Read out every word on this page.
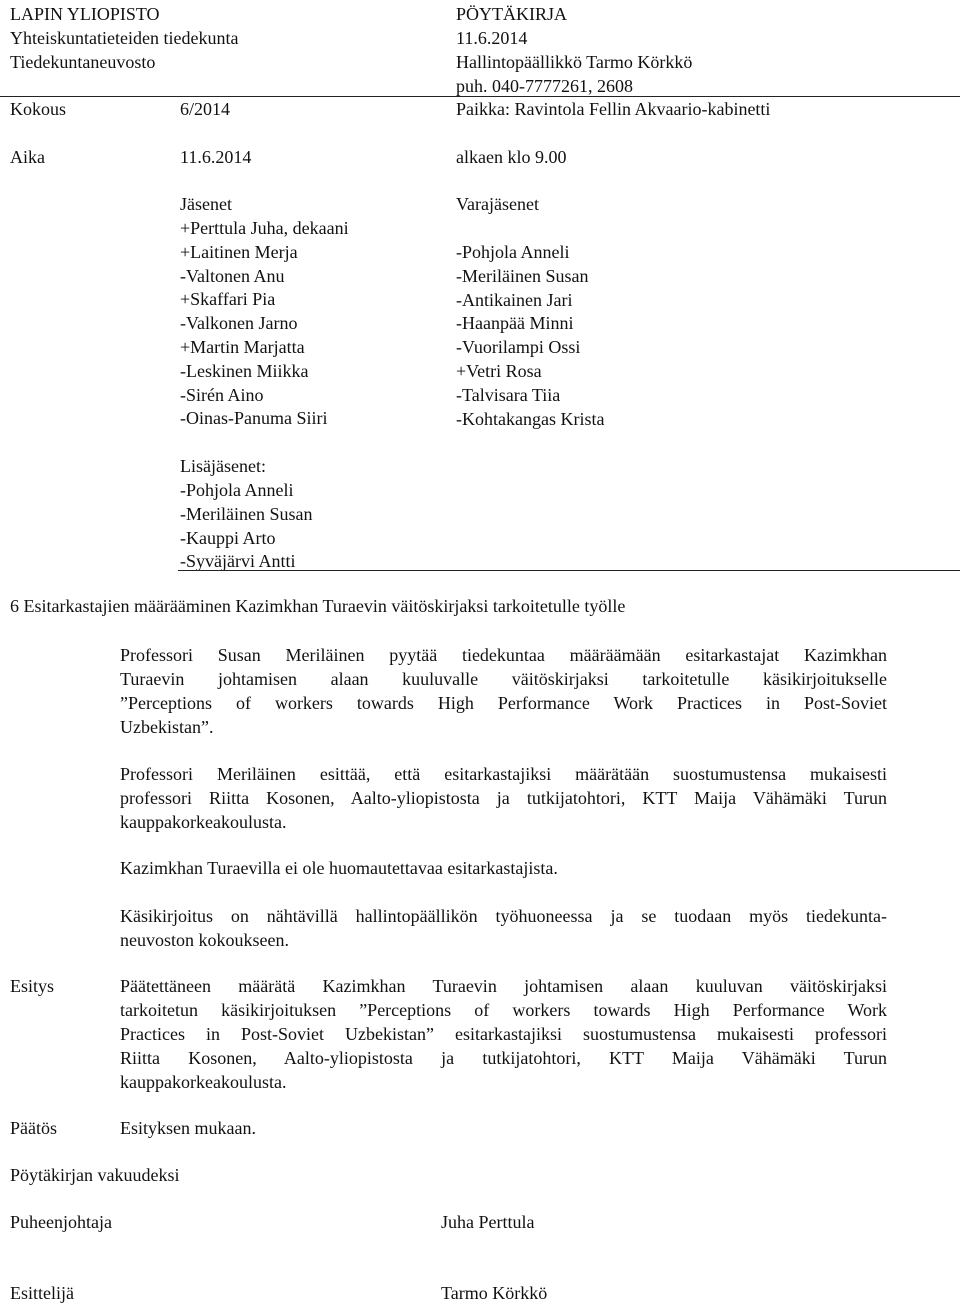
LAPIN YLIOPISTO
Yhteiskuntatieteiden tiedekunta
Tiedekuntaneuvosto
PÖYTÄKIRJA
11.6.2014
Hallintopäällikkö Tarmo Körkkö
puh. 040-7777261, 2608
Kokous	6/2014	Paikka: Ravintola Fellin Akvaario-kabinetti
Aika	11.6.2014	alkaen klo 9.00
Jäsenet
+Perttula Juha, dekaani
+Laitinen Merja
-Valtonen Anu
+Skaffari Pia
-Valkonen Jarno
+Martin Marjatta
-Leskinen Miikka
-Sirén Aino
-Oinas-Panuma Siiri
Varajäsenet
-Pohjola Anneli
-Meriläinen Susan
-Antikainen Jari
-Haanpää Minni
-Vuorilampi Ossi
+Vetri Rosa
-Talvisara Tiia
-Kohtakangas Krista
Lisäjäsenet:
-Pohjola Anneli
-Meriläinen Susan
-Kauppi Arto
-Syväjärvi Antti
6 Esitarkastajien määrääminen Kazimkhan Turaevin väitöskirjaksi tarkoitetulle työlle
Professori Susan Meriläinen pyytää tiedekuntaa määräämään esitarkastajat Kazimkhan
Turaevin johtamisen alaan kuuluvalle väitöskirjaksi tarkoitetulle käsikirjoitukselle
”Perceptions of workers towards High Performance Work Practices in Post-Soviet
Uzbekistan”.
Professori Meriläinen esittää, että esitarkastajiksi määrätään suostumustensa mukaisesti
professori Riitta Kosonen, Aalto-yliopistosta ja tutkijatohtori, KTT Maija Vähämäki Turun
kauppakorkeakoulusta.
Kazimkhan Turaevilla ei ole huomautettavaa esitarkastajista.
Käsikirjoitus on nähtävillä hallintopäällikön työhuoneessa ja se tuodaan myös tiedekunta-
neuvoston kokoukseen.
Esitys	Päätettäneen määrätä Kazimkhan Turaevin johtamisen alaan kuuluvan väitöskirjaksi
tarkoitetun käsikirjoituksen ”Perceptions of workers towards High Performance Work
Practices in Post-Soviet Uzbekistan” esitarkastajiksi suostumustensa mukaisesti professori
Riitta Kosonen, Aalto-yliopistosta ja tutkijatohtori, KTT Maija Vähämäki Turun
kauppakorkeakoulusta.
Päätös	Esityksen mukaan.
Pöytäkirjan vakuudeksi
Puheenjohtaja	Juha Perttula
Esittelijä	Tarmo Körkkö
